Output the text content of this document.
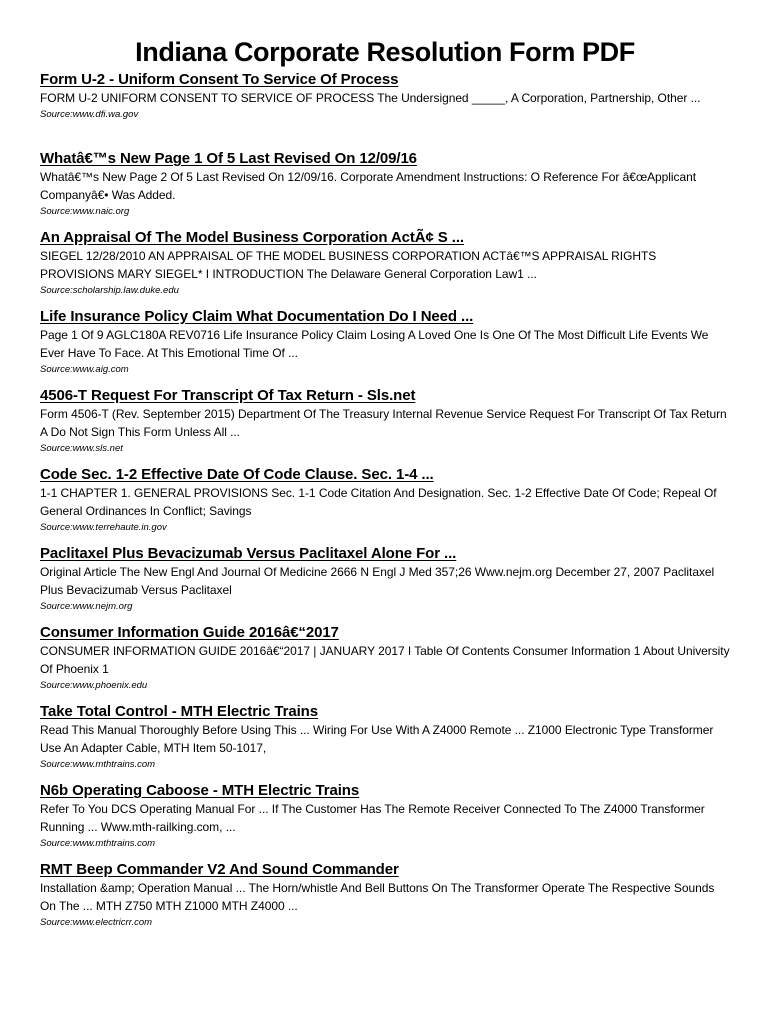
Indiana Corporate Resolution Form PDF
Form U-2 - Uniform Consent To Service Of Process

FORM U-2 UNIFORM CONSENT TO SERVICE OF PROCESS The Undersigned _____, A Corporation, Partnership, Other ...

Source:www.dfi.wa.gov
Whatâ€™s New Page 1 Of 5 Last Revised On 12/09/16

Whatâ€™s New Page 2 Of 5 Last Revised On 12/09/16. Corporate Amendment Instructions: O Reference For â€œApplicant Companyâ€• Was Added.

Source:www.naic.org
An Appraisal Of The Model Business Corporation ActÃ¢ S ...

SIEGEL 12/28/2010 AN APPRAISAL OF THE MODEL BUSINESS CORPORATION ACTâ€™S APPRAISAL RIGHTS PROVISIONS MARY SIEGEL* I INTRODUCTION The Delaware General Corporation Law1 ...

Source:scholarship.law.duke.edu
Life Insurance Policy Claim What Documentation Do I Need ...

Page 1 Of 9 AGLC180A REV0716 Life Insurance Policy Claim Losing A Loved One Is One Of The Most Difficult Life Events We Ever Have To Face. At This Emotional Time Of ...

Source:www.aig.com
4506-T Request For Transcript Of Tax Return - Sls.net

Form 4506-T (Rev. September 2015) Department Of The Treasury Internal Revenue Service Request For Transcript Of Tax Return A Do Not Sign This Form Unless All ...

Source:www.sls.net
Code Sec. 1-2 Effective Date Of Code Clause. Sec. 1-4 ...

1-1 CHAPTER 1. GENERAL PROVISIONS Sec. 1-1 Code Citation And Designation. Sec. 1-2 Effective Date Of Code; Repeal Of General Ordinances In Conflict; Savings

Source:www.terrehaute.in.gov
Paclitaxel Plus Bevacizumab Versus Paclitaxel Alone For ...

Original Article The New Engl And Journal Of Medicine 2666 N Engl J Med 357;26 Www.nejm.org December 27, 2007 Paclitaxel Plus Bevacizumab Versus Paclitaxel

Source:www.nejm.org
Consumer Information Guide 2016â€“2017

CONSUMER INFORMATION GUIDE 2016â€“2017 | JANUARY 2017 I Table Of Contents Consumer Information 1 About University Of Phoenix 1

Source:www.phoenix.edu
Take Total Control - MTH Electric Trains

Read This Manual Thoroughly Before Using This ... Wiring For Use With A Z4000 Remote ... Z1000 Electronic Type Transformer Use An Adapter Cable, MTH Item 50-1017,

Source:www.mthtrains.com
N6b Operating Caboose - MTH Electric Trains

Refer To You DCS Operating Manual For ... If The Customer Has The Remote Receiver Connected To The Z4000 Transformer Running ... Www.mth-railking.com, ...

Source:www.mthtrains.com
RMT Beep Commander V2 And Sound Commander

Installation &amp; Operation Manual ... The Horn/whistle And Bell Buttons On The Transformer Operate The Respective Sounds On The ... MTH Z750 MTH Z1000 MTH Z4000 ...

Source:www.electricrr.com
